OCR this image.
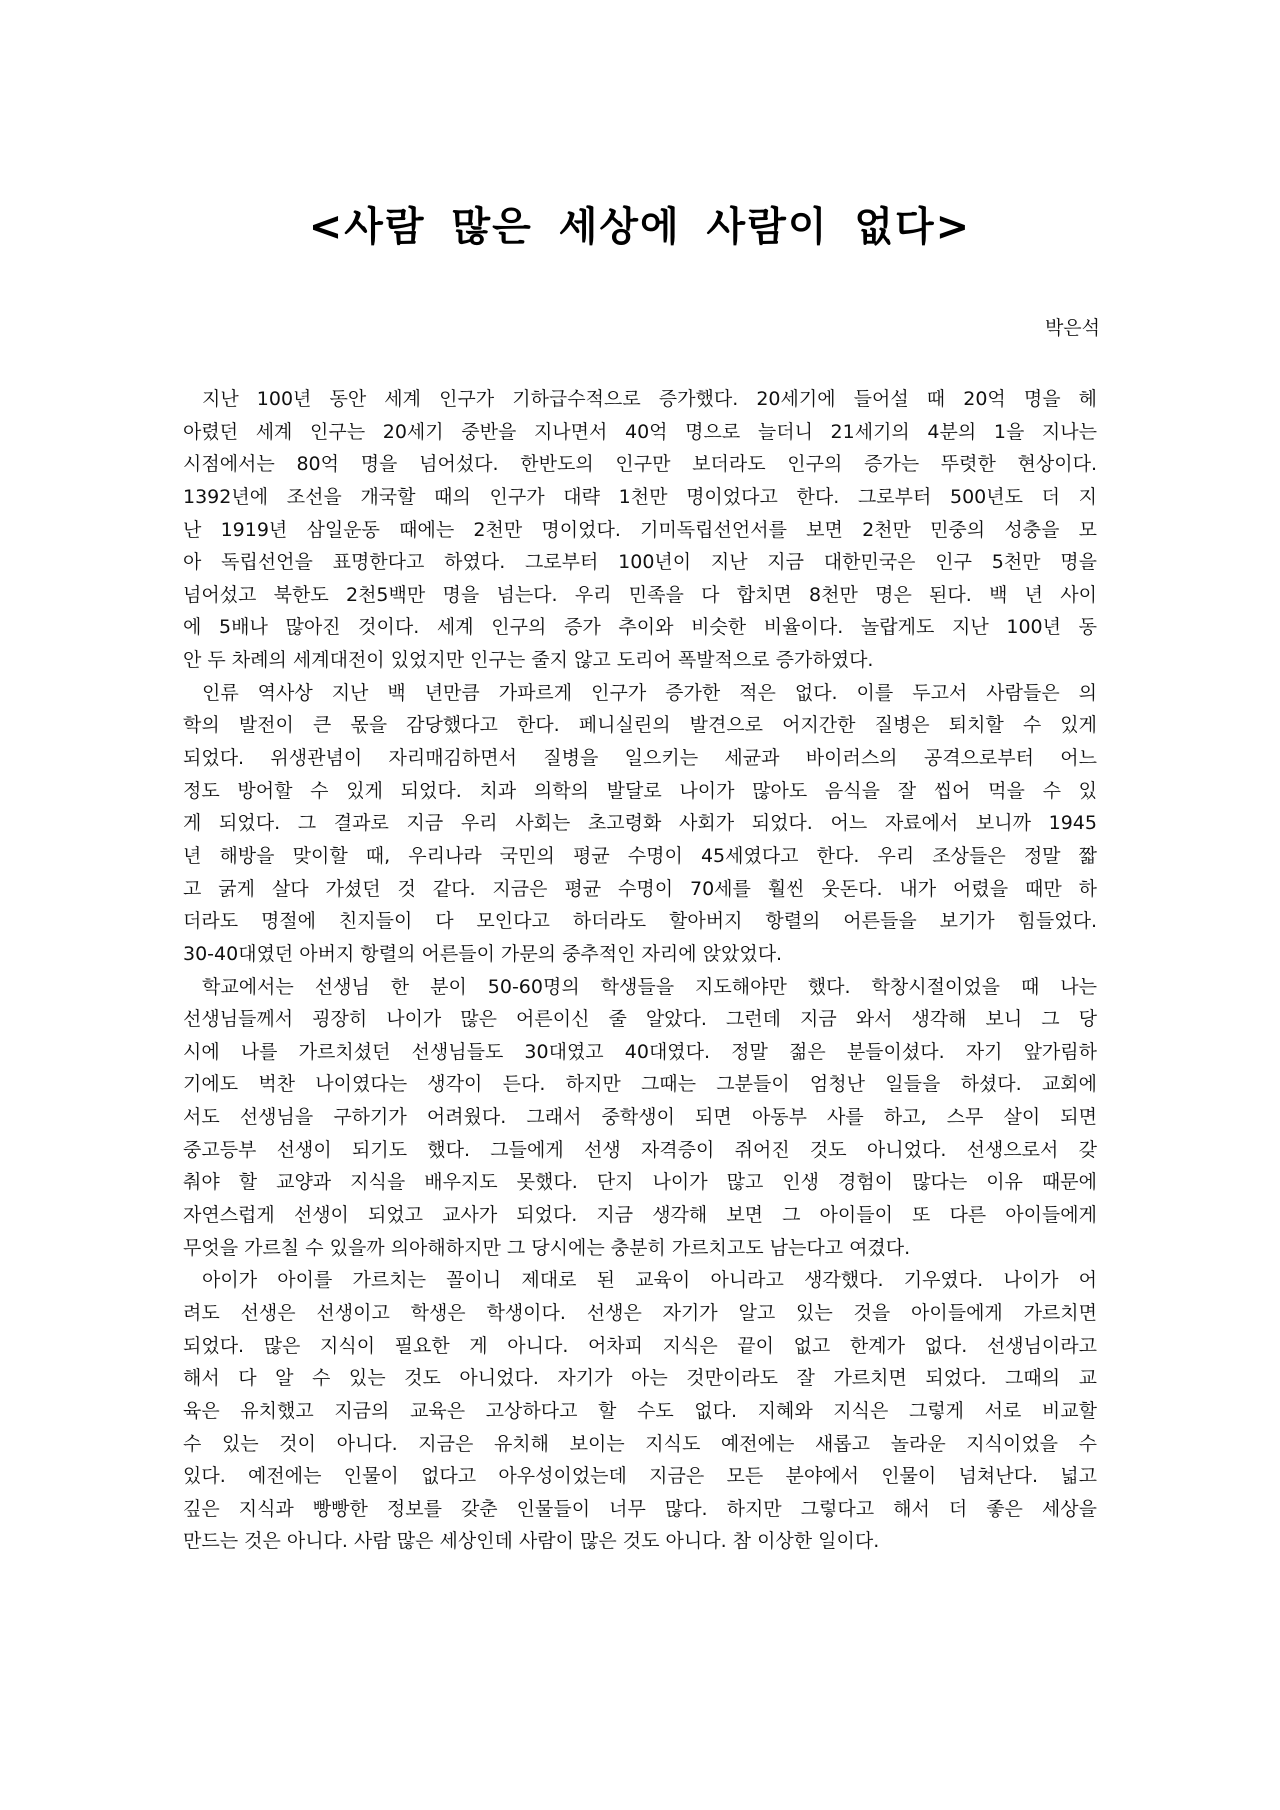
<사람 많은 세상에 사람이 없다>
박은석
지난 100년 동안 세계 인구가 기하급수적으로 증가했다. 20세기에 들어설 때 20억 명을 헤
아렸던 세계 인구는 20세기 중반을 지나면서 40억 명으로 늘더니 21세기의 4분의 1을 지나는
시점에서는 80억 명을 넘어섰다. 한반도의 인구만 보더라도 인구의 증가는 뚜렷한 현상이다.
1392년에 조선을 개국할 때의 인구가 대략 1천만 명이었다고 한다. 그로부터 500년도 더 지
난 1919년 삼일운동 때에는 2천만 명이었다. 기미독립선언서를 보면 2천만 민중의 성충을 모
아 독립선언을 표명한다고 하였다. 그로부터 100년이 지난 지금 대한민국은 인구 5천만 명을
넘어섰고 북한도 2천5백만 명을 넘는다. 우리 민족을 다 합치면 8천만 명은 된다. 백 년 사이
에 5배나 많아진 것이다. 세계 인구의 증가 추이와 비슷한 비율이다. 놀랍게도 지난 100년 동
안 두 차례의 세계대전이 있었지만 인구는 줄지 않고 도리어 폭발적으로 증가하였다.
인류 역사상 지난 백 년만큼 가파르게 인구가 증가한 적은 없다. 이를 두고서 사람들은 의
학의 발전이 큰 몫을 감당했다고 한다. 페니실린의 발견으로 어지간한 질병은 퇴치할 수 있게
되었다. 위생관념이 자리매김하면서 질병을 일으키는 세균과 바이러스의 공격으로부터 어느
정도 방어할 수 있게 되었다. 치과 의학의 발달로 나이가 많아도 음식을 잘 씹어 먹을 수 있
게 되었다. 그 결과로 지금 우리 사회는 초고령화 사회가 되었다. 어느 자료에서 보니까 1945
년 해방을 맞이할 때, 우리나라 국민의 평균 수명이 45세였다고 한다. 우리 조상들은 정말 짧
고 굵게 살다 가셨던 것 같다. 지금은 평균 수명이 70세를 훨씬 웃돈다. 내가 어렸을 때만 하
더라도 명절에 친지들이 다 모인다고 하더라도 할아버지 항렬의 어른들을 보기가 힘들었다.
30-40대였던 아버지 항렬의 어른들이 가문의 중추적인 자리에 앉았었다.
학교에서는 선생님 한 분이 50-60명의 학생들을 지도해야만 했다. 학창시절이었을 때 나는
선생님들께서 굉장히 나이가 많은 어른이신 줄 알았다. 그런데 지금 와서 생각해 보니 그 당
시에 나를 가르치셨던 선생님들도 30대였고 40대였다. 정말 젊은 분들이셨다. 자기 앞가림하
기에도 벅찬 나이였다는 생각이 든다. 하지만 그때는 그분들이 엄청난 일들을 하셨다. 교회에
서도 선생님을 구하기가 어려웠다. 그래서 중학생이 되면 아동부 사를 하고, 스무 살이 되면
중고등부 선생이 되기도 했다. 그들에게 선생 자격증이 쥐어진 것도 아니었다. 선생으로서 갖
춰야 할 교양과 지식을 배우지도 못했다. 단지 나이가 많고 인생 경험이 많다는 이유 때문에
자연스럽게 선생이 되었고 교사가 되었다. 지금 생각해 보면 그 아이들이 또 다른 아이들에게
무엇을 가르칠 수 있을까 의아해하지만 그 당시에는 충분히 가르치고도 남는다고 여겼다.
아이가 아이를 가르치는 꼴이니 제대로 된 교육이 아니라고 생각했다. 기우였다. 나이가 어
려도 선생은 선생이고 학생은 학생이다. 선생은 자기가 알고 있는 것을 아이들에게 가르치면
되었다. 많은 지식이 필요한 게 아니다. 어차피 지식은 끝이 없고 한계가 없다. 선생님이라고
해서 다 알 수 있는 것도 아니었다. 자기가 아는 것만이라도 잘 가르치면 되었다. 그때의 교
육은 유치했고 지금의 교육은 고상하다고 할 수도 없다. 지혜와 지식은 그렇게 서로 비교할
수 있는 것이 아니다. 지금은 유치해 보이는 지식도 예전에는 새롭고 놀라운 지식이었을 수
있다. 예전에는 인물이 없다고 아우성이었는데 지금은 모든 분야에서 인물이 넘쳐난다. 넓고
깊은 지식과 빵빵한 정보를 갖춘 인물들이 너무 많다. 하지만 그렇다고 해서 더 좋은 세상을
만드는 것은 아니다. 사람 많은 세상인데 사람이 많은 것도 아니다. 참 이상한 일이다.
